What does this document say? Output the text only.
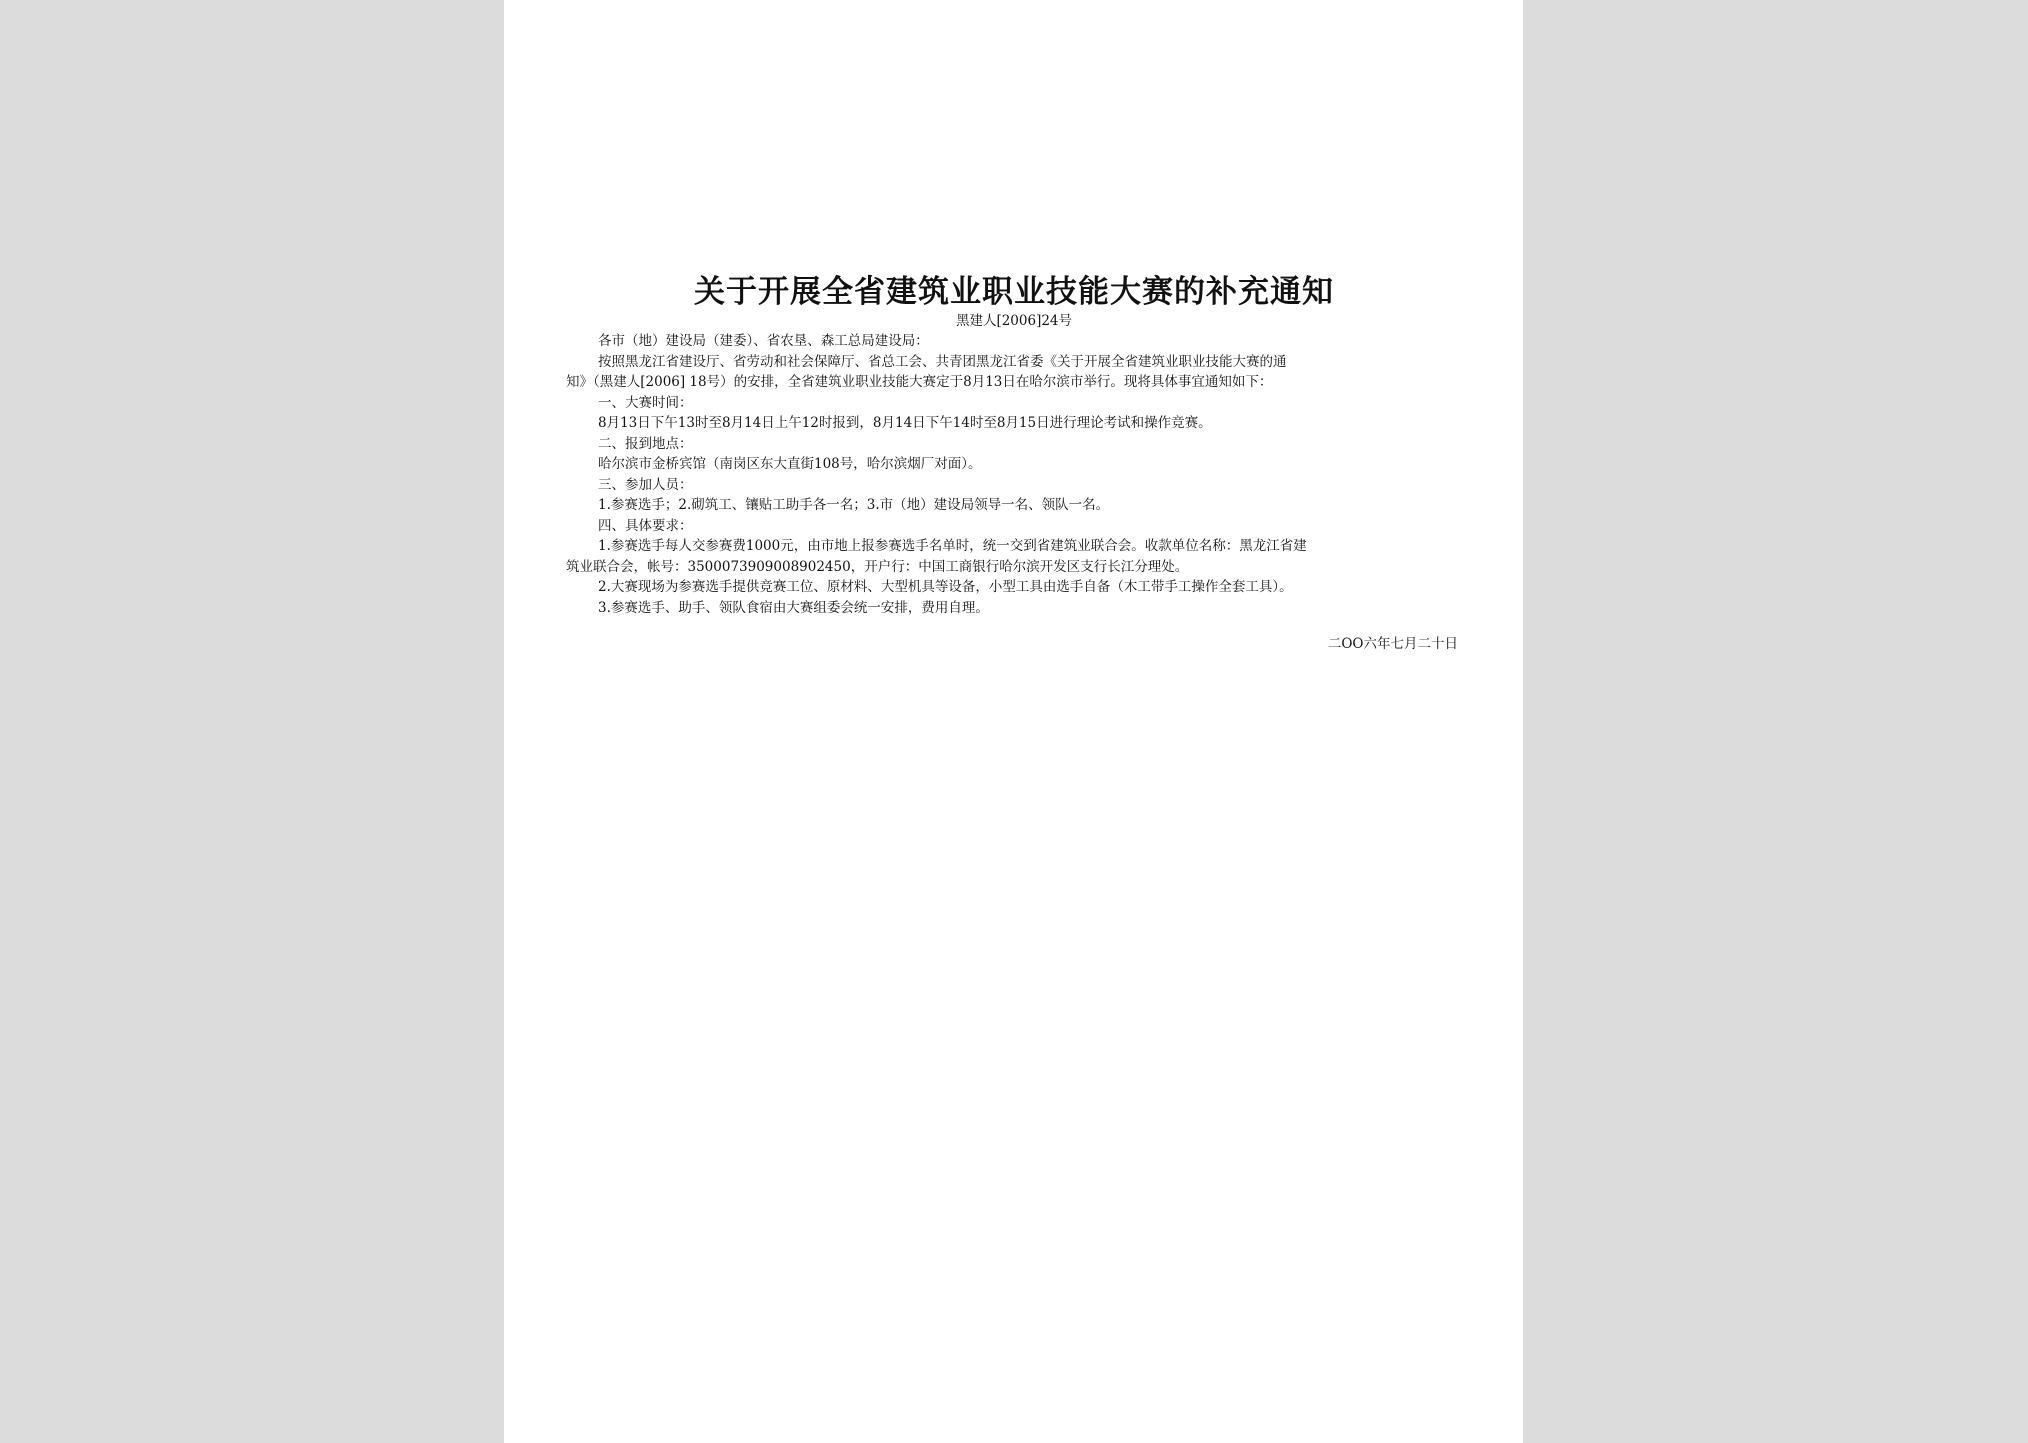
关于开展全省建筑业职业技能大赛的补充通知

黑建人[2006]24号

各市（地）建设局（建委）、省农垦、森工总局建设局：

按照黑龙江省建设厅、省劳动和社会保障厅、省总工会、共青团黑龙江省委《关于开展全省建筑业职业技能大赛的通

知》（黑建人[2006] 18号）的安排，全省建筑业职业技能大赛定于8月13日在哈尔滨市举行。现将具体事宜通知如下：

一、大赛时间：

8月13日下午13时至8月14日上午12时报到，8月14日下午14时至8月15日进行理论考试和操作竞赛。

二、报到地点：

哈尔滨市金桥宾馆（南岗区东大直街108号，哈尔滨烟厂对面）。

三、参加人员：

1.参赛选手；2.砌筑工、镶贴工助手各一名；3.市（地）建设局领导一名、领队一名。

四、具体要求：

1.参赛选手每人交参赛费1000元，由市地上报参赛选手名单时，统一交到省建筑业联合会。收款单位名称：黑龙江省建

筑业联合会，帐号：3500073909008902450，开户行：中国工商银行哈尔滨开发区支行长江分理处。

2.大赛现场为参赛选手提供竞赛工位、原材料、大型机具等设备，小型工具由选手自备（木工带手工操作全套工具）。

3.参赛选手、助手、领队食宿由大赛组委会统一安排，费用自理。

二OO六年七月二十日
